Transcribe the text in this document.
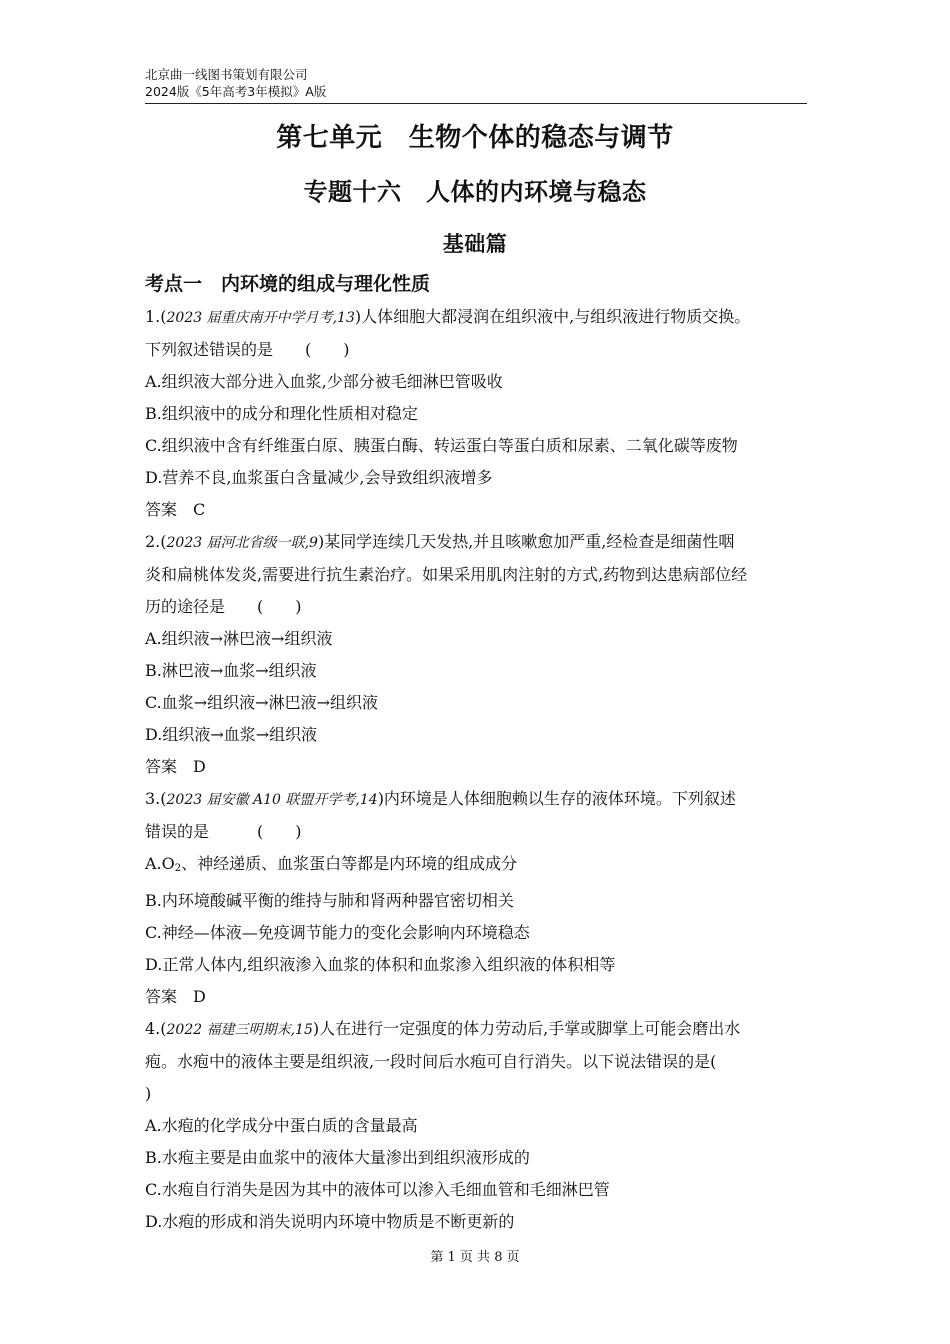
北京曲一线图书策划有限公司
2024版《5年高考3年模拟》A版
第七单元　生物个体的稳态与调节
专题十六　人体的内环境与稳态
基础篇
考点一　内环境的组成与理化性质
1.(2023 届重庆南开中学月考,13)人体细胞大都浸润在组织液中,与组织液进行物质交换。
下列叙述错误的是　　(　　)
A.组织液大部分进入血浆,少部分被毛细淋巴管吸收
B.组织液中的成分和理化性质相对稳定
C.组织液中含有纤维蛋白原、胰蛋白酶、转运蛋白等蛋白质和尿素、二氧化碳等废物
D.营养不良,血浆蛋白含量减少,会导致组织液增多
答案　C
2.(2023 届河北省级一联,9)某同学连续几天发热,并且咳嗽愈加严重,经检查是细菌性咽
炎和扁桃体发炎,需要进行抗生素治疗。如果采用肌肉注射的方式,药物到达患病部位经
历的途径是　　(　　)
A.组织液→淋巴液→组织液
B.淋巴液→血浆→组织液
C.血浆→组织液→淋巴液→组织液
D.组织液→血浆→组织液
答案　D
3.(2023 届安徽 A10 联盟开学考,14)内环境是人体细胞赖以生存的液体环境。下列叙述
错误的是　　　(　　)
$A.O_2$、神经递质、血浆蛋白等都是内环境的组成成分
B.内环境酸碱平衡的维持与肺和肾两种器官密切相关
C.神经—体液—免疫调节能力的变化会影响内环境稳态
D.正常人体内,组织液渗入血浆的体积和血浆渗入组织液的体积相等
答案　D
4.(2022 福建三明期末,15)人在进行一定强度的体力劳动后,手掌或脚掌上可能会磨出水
疱。水疱中的液体主要是组织液,一段时间后水疱可自行消失。以下说法错误的是(
)
A.水疱的化学成分中蛋白质的含量最高
B.水疱主要是由血浆中的液体大量渗出到组织液形成的
C.水疱自行消失是因为其中的液体可以渗入毛细血管和毛细淋巴管
D.水疱的形成和消失说明内环境中物质是不断更新的
第 1 页 共 8 页
